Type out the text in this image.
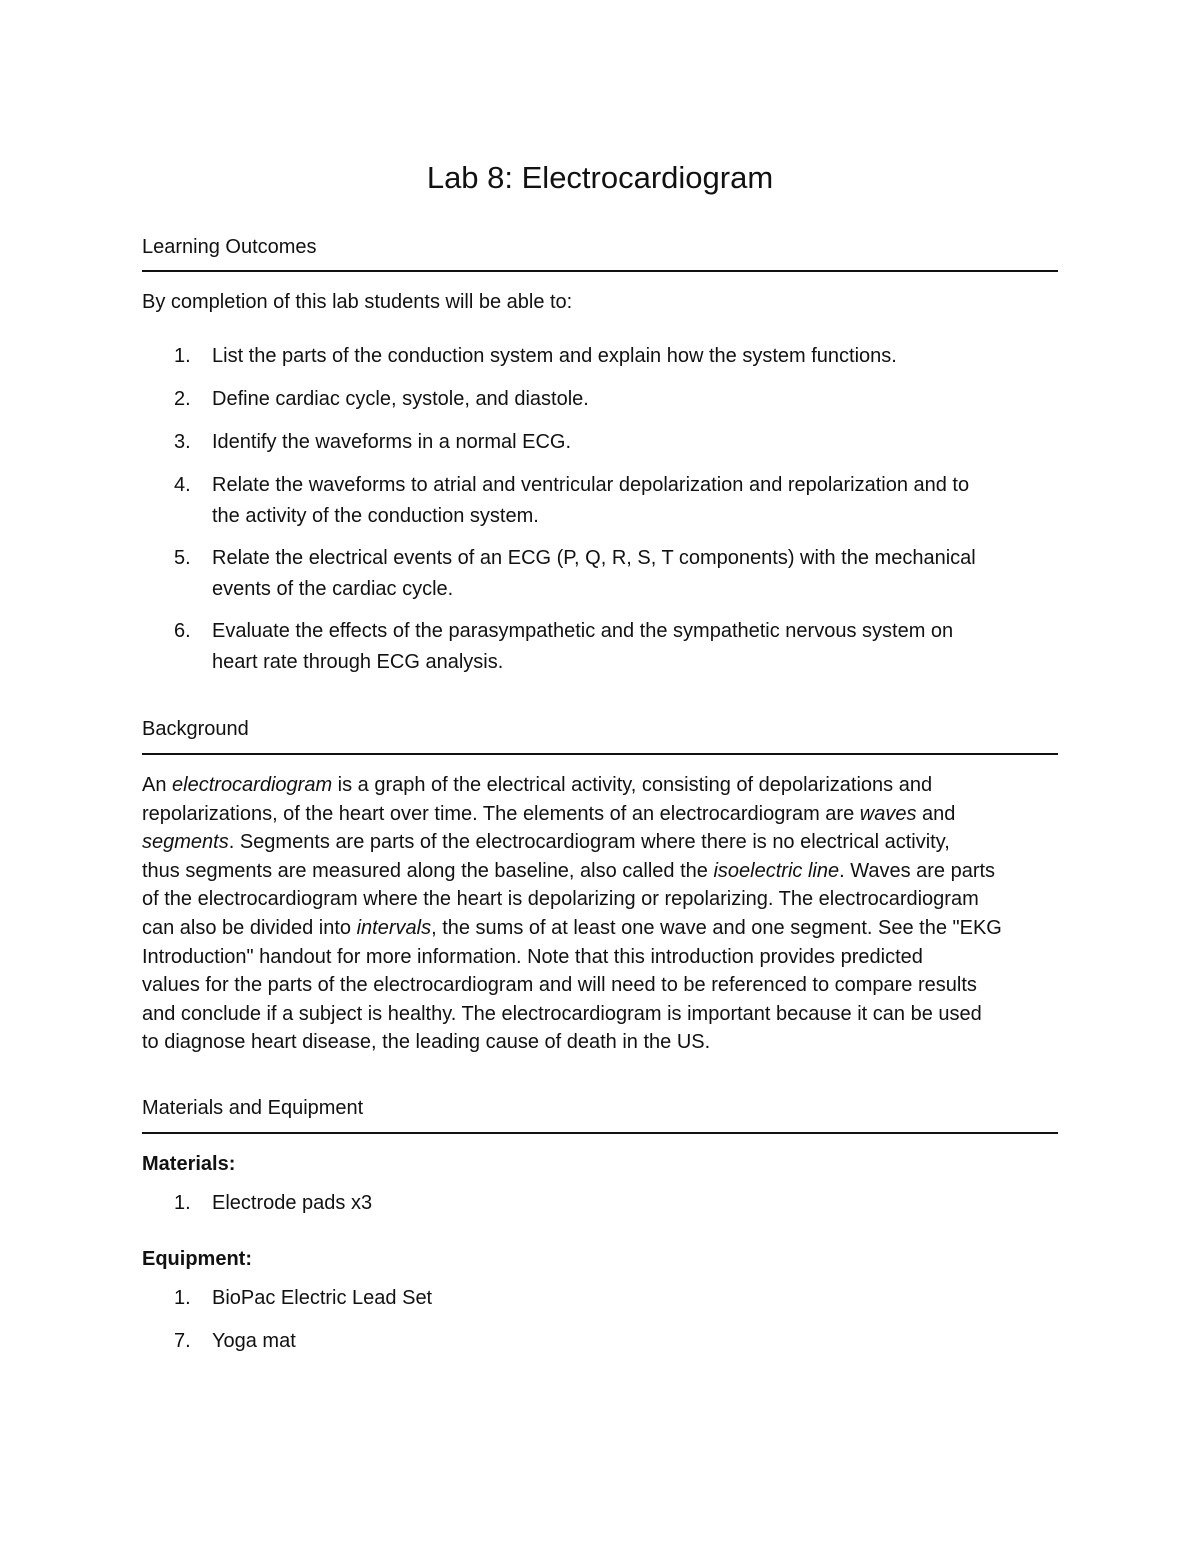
Lab 8: Electrocardiogram
Learning Outcomes
By completion of this lab students will be able to:
1.	List the parts of the conduction system and explain how the system functions.
2.	Define cardiac cycle, systole, and diastole.
3.	Identify the waveforms in a normal ECG.
4.	Relate the waveforms to atrial and ventricular depolarization and repolarization and to
the activity of the conduction system.
5.	Relate the electrical events of an ECG (P, Q, R, S, T components) with the mechanical
events of the cardiac cycle.
6.	Evaluate the effects of the parasympathetic and the sympathetic nervous system on
heart rate through ECG analysis.
Background
An electrocardiogram is a graph of the electrical activity, consisting of depolarizations and
repolarizations, of the heart over time. The elements of an electrocardiogram are waves and
segments. Segments are parts of the electrocardiogram where there is no electrical activity,
thus segments are measured along the baseline, also called the isoelectric line. Waves are parts
of the electrocardiogram where the heart is depolarizing or repolarizing. The electrocardiogram
can also be divided into intervals, the sums of at least one wave and one segment. See the "EKG
Introduction" handout for more information. Note that this introduction provides predicted
values for the parts of the electrocardiogram and will need to be referenced to compare results
and conclude if a subject is healthy. The electrocardiogram is important because it can be used
to diagnose heart disease, the leading cause of death in the US.
Materials and Equipment
Materials:
1.	Electrode pads x3
Equipment:
1.	BioPac Electric Lead Set
7.	Yoga mat
